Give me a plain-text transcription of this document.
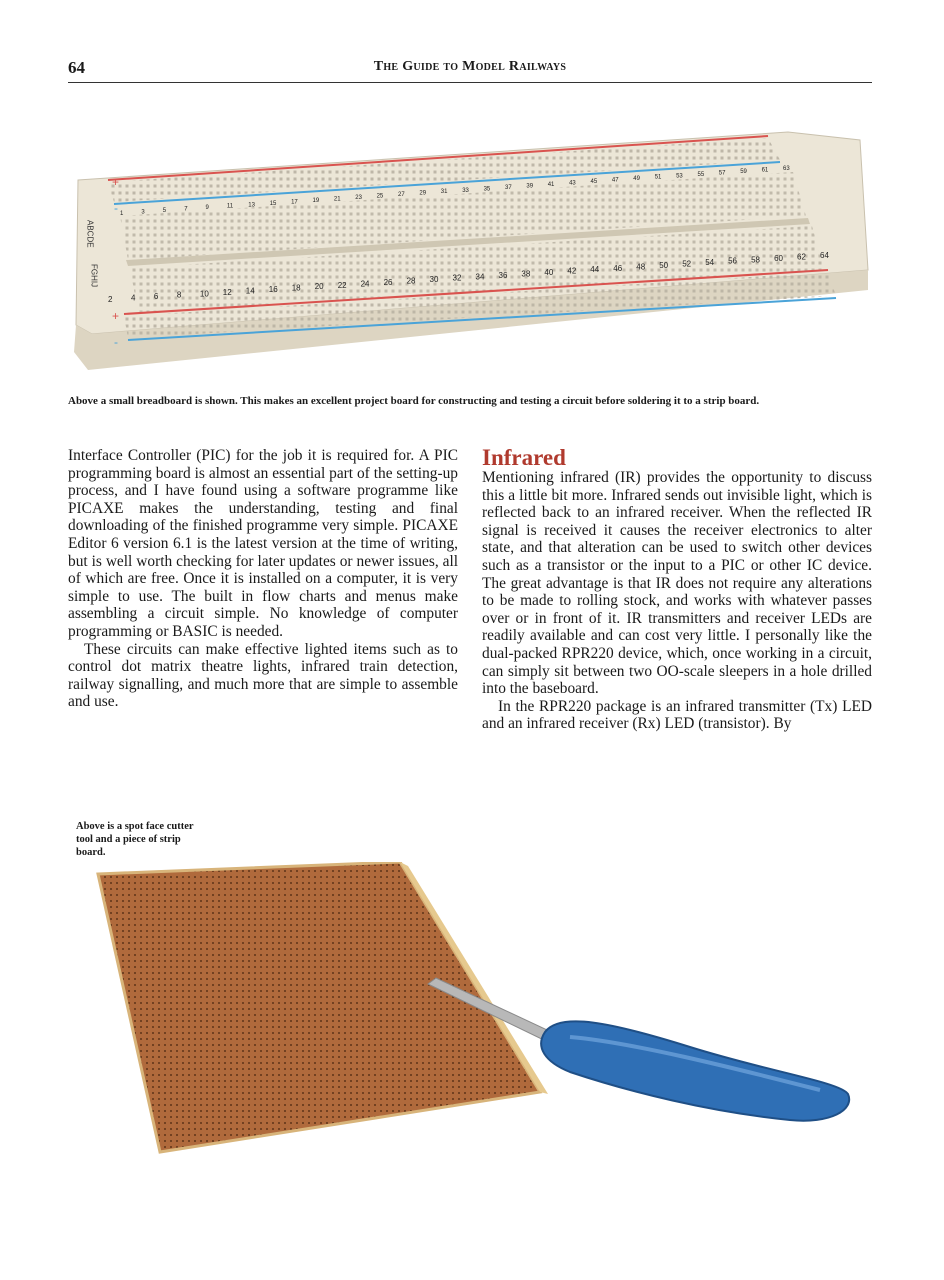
64	The Guide to Model Railways
+
-
+
-
ABCDE
FGHIJ
1	3	5	7	9	11	13 15 17 19 21 23 25 27 29 31 33 35 37 39 41 43 45 47 49 51 53 55 57 59 61 63
2 4 6 8 10 12 14 16 18 20 22 24 26 28 30 32 34 36 38 40 42 44 46 48 50 52 54 56 58 60 62 64
Above a small breadboard is shown. This makes an excellent project board for constructing and testing a circuit before soldering it to a strip board.

Interface Controller (PIC) for the job it is required for. A PIC programming board is almost an essential part of the setting-up process, and I have found using a software programme like PICAXE makes the understanding, testing and final downloading of the finished programme very simple. PICAXE Editor 6 version 6.1 is the latest version at the time of writing, but is well worth checking for later updates or newer issues, all of which are free. Once it is installed on a computer, it is very simple to use. The built in flow charts and menus make assembling a circuit simple. No knowledge of computer programming or BASIC is needed.

These circuits can make effective lighted items such as to control dot matrix theatre lights, infrared train detection, railway signalling, and much more that are simple to assemble and use.

Infrared

Mentioning infrared (IR) provides the opportunity to discuss this a little bit more. Infrared sends out invisible light, which is reflected back to an infrared receiver. When the reflected IR signal is received it causes the receiver electronics to alter state, and that alteration can be used to switch other devices such as a transistor or the input to a PIC or other IC device. The great advantage is that IR does not require any alterations to be made to rolling stock, and works with whatever passes over or in front of it. IR transmitters and receiver LEDs are readily available and can cost very little. I personally like the dual-packed RPR220 device, which, once working in a circuit, can simply sit between two OO-scale sleepers in a hole drilled into the baseboard.

In the RPR220 package is an infrared transmitter (Tx) LED and an infrared receiver (Rx) LED (transistor). By

Above is a spot face cutter tool and a piece of strip board.
